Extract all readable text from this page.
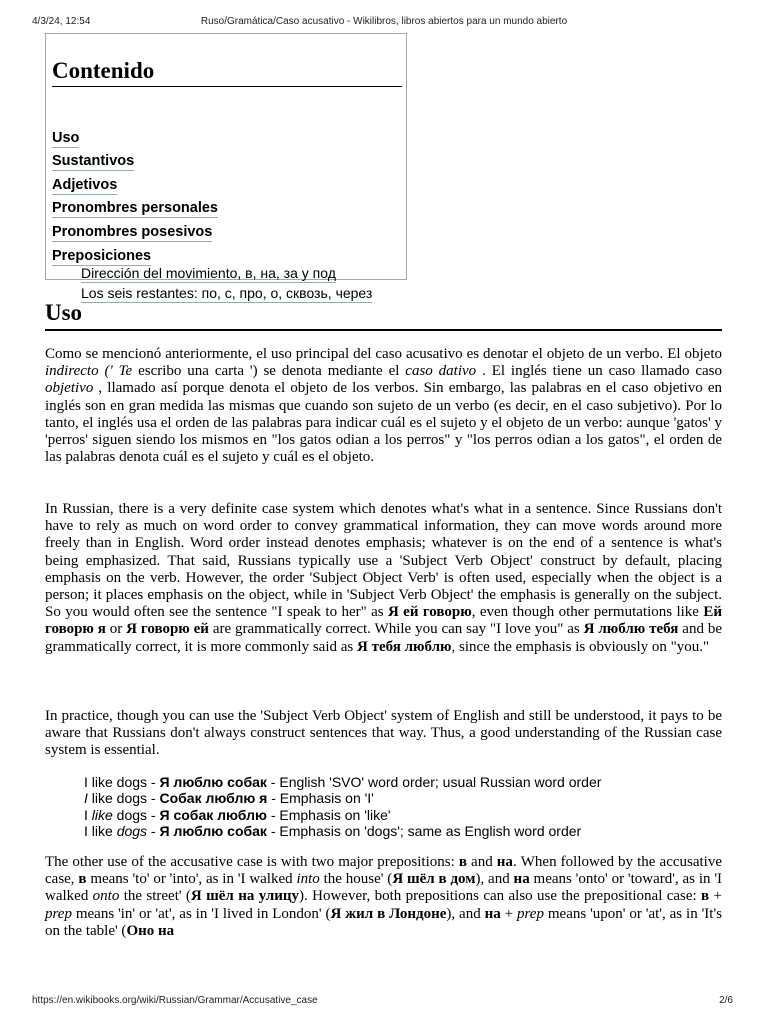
4/3/24, 12:54	Ruso/Gramática/Caso acusativo - Wikilibros, libros abiertos para un mundo abierto
Contenido
Uso
Sustantivos
Adjetivos
Pronombres personales
Pronombres posesivos
Preposiciones
Dirección del movimiento, в, на, за у под
Los seis restantes: по, с, про, о, сквозь, через
Uso

Como se mencionó anteriormente, el uso principal del caso acusativo es denotar el objeto de un verbo. El objeto indirecto (' Te escribo una carta ') se denota mediante el caso dativo . El inglés tiene un caso llamado caso objetivo , llamado así porque denota el objeto de los verbos. Sin embargo, las palabras en el caso objetivo en inglés son en gran medida las mismas que cuando son sujeto de un verbo (es decir, en el caso subjetivo). Por lo tanto, el inglés usa el orden de las palabras para indicar cuál es el sujeto y el objeto de un verbo: aunque 'gatos' y 'perros' siguen siendo los mismos en "los gatos odian a los perros" y "los perros odian a los gatos", el orden de las palabras denota cuál es el sujeto y cuál es el objeto.

In Russian, there is a very definite case system which denotes what's what in a sentence. Since Russians don't have to rely as much on word order to convey grammatical information, they can move words around more freely than in English. Word order instead denotes emphasis; whatever is on the end of a sentence is what's being emphasized. That said, Russians typically use a 'Subject Verb Object' construct by default, placing emphasis on the verb. However, the order 'Subject Object Verb' is often used, especially when the object is a person; it places emphasis on the object, while in 'Subject Verb Object' the emphasis is generally on the subject. So you would often see the sentence "I speak to her" as Я ей говорю, even though other permutations like Ей говорю я or Я говорю ей are grammatically correct. While you can say "I love you" as Я люблю тебя and be grammatically correct, it is more commonly said as Я тебя люблю, since the emphasis is obviously on "you."

In practice, though you can use the 'Subject Verb Object' system of English and still be understood, it pays to be aware that Russians don't always construct sentences that way. Thus, a good understanding of the Russian case system is essential.

I like dogs - Я люблю собак - English 'SVO' word order; usual Russian word order
I like dogs - Собак люблю я - Emphasis on 'I'
I like dogs - Я собак люблю - Emphasis on 'like'
I like dogs - Я люблю собак - Emphasis on 'dogs'; same as English word order

The other use of the accusative case is with two major prepositions: в and на. When followed by the accusative case, в means 'to' or 'into', as in 'I walked into the house' (Я шёл в дом), and на means 'onto' or 'toward', as in 'I walked onto the street' (Я шёл на улицу). However, both prepositions can also use the prepositional case: в + prep means 'in' or 'at', as in 'I lived in London' (Я жил в Лондоне), and на + prep means 'upon' or 'at', as in 'It's on the table' (Оно на

https://en.wikibooks.org/wiki/Russian/Grammar/Accusative_case	2/6
